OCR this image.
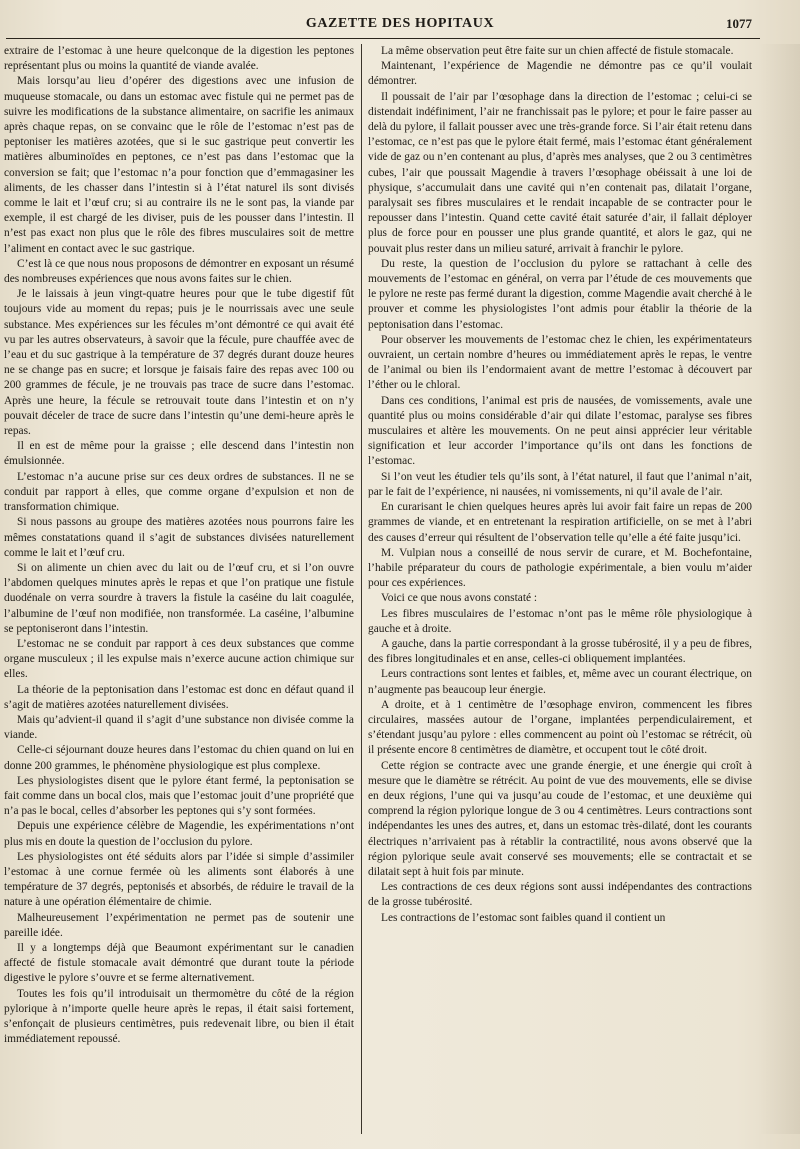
GAZETTE DES HOPITAUX	1077

extraire de l’estomac à une heure quelconque de la digestion les peptones représentant plus ou moins la quantité de viande avalée.

Mais lorsqu’au lieu d’opérer des digestions avec une infusion de muqueuse stomacale, ou dans un estomac avec fistule qui ne permet pas de suivre les modifications de la substance alimentaire, on sacrifie les animaux après chaque repas, on se convainc que le rôle de l’estomac n’est pas de peptoniser les matières azotées, que si le suc gastrique peut convertir les matières albuminoïdes en peptones, ce n’est pas dans l’estomac que la conversion se fait; que l’estomac n’a pour fonction que d’emmagasiner les aliments, de les chasser dans l’intestin si à l’état naturel ils sont divisés comme le lait et l’œuf cru; si au contraire ils ne le sont pas, la viande par exemple, il est chargé de les diviser, puis de les pousser dans l’intestin. Il n’est pas exact non plus que le rôle des fibres musculaires soit de mettre l’aliment en contact avec le suc gastrique.

C’est là ce que nous nous proposons de démontrer en exposant un résumé des nombreuses expériences que nous avons faites sur le chien.

Je le laissais à jeun vingt-quatre heures pour que le tube digestif fût toujours vide au moment du repas; puis je le nourrissais avec une seule substance. Mes expériences sur les fécules m’ont démontré ce qui avait été vu par les autres observateurs, à savoir que la fécule, pure chauffée avec de l’eau et du suc gastrique à la température de 37 degrés durant douze heures ne se change pas en sucre; et lorsque je faisais faire des repas avec 100 ou 200 grammes de fécule, je ne trouvais pas trace de sucre dans l’estomac. Après une heure, la fécule se retrouvait toute dans l’intestin et on n’y pouvait déceler de trace de sucre dans l’intestin qu’une demi-heure après le repas.

Il en est de même pour la graisse ; elle descend dans l’intestin non émulsionnée.

L’estomac n’a aucune prise sur ces deux ordres de substances. Il ne se conduit par rapport à elles, que comme organe d’expulsion et non de transformation chimique.

Si nous passons au groupe des matières azotées nous pourrons faire les mêmes constatations quand il s’agit de substances divisées naturellement comme le lait et l’œuf cru.

Si on alimente un chien avec du lait ou de l’œuf cru, et si l’on ouvre l’abdomen quelques minutes après le repas et que l’on pratique une fistule duodénale on verra sourdre à travers la fistule la caséine du lait coagulée, l’albumine de l’œuf non modifiée, non transformée. La caséine, l’albumine se peptoniseront dans l’intestin.

L’estomac ne se conduit par rapport à ces deux substances que comme organe musculeux ; il les expulse mais n’exerce aucune action chimique sur elles.

La théorie de la peptonisation dans l’estomac est donc en défaut quand il s’agit de matières azotées naturellement divisées.

Mais qu’advient-il quand il s’agit d’une substance non divisée comme la viande.

Celle-ci séjournant douze heures dans l’estomac du chien quand on lui en donne 200 grammes, le phénomène physiologique est plus complexe.

Les physiologistes disent que le pylore étant fermé, la peptonisation se fait comme dans un bocal clos, mais que l’estomac jouit d’une propriété que n’a pas le bocal, celles d’absorber les peptones qui s’y sont formées.

Depuis une expérience célèbre de Magendie, les expérimentations n’ont plus mis en doute la question de l’occlusion du pylore.

Les physiologistes ont été séduits alors par l’idée si simple d’assimiler l’estomac à une cornue fermée où les aliments sont élaborés à une température de 37 degrés, peptonisés et absorbés, de réduire le travail de la nature à une opération élémentaire de chimie.

Malheureusement l’expérimentation ne permet pas de soutenir une pareille idée.

Il y a longtemps déjà que Beaumont expérimentant sur le canadien affecté de fistule stomacale avait démontré que durant toute la période digestive le pylore s’ouvre et se ferme alternativement.

Toutes les fois qu’il introduisait un thermomètre du côté de la région pylorique à n’importe quelle heure après le repas, il était saisi fortement, s’enfonçait de plusieurs centimètres, puis redevenait libre, ou bien il était immédiatement repoussé.

La même observation peut être faite sur un chien affecté de fistule stomacale.

Maintenant, l’expérience de Magendie ne démontre pas ce qu’il voulait démontrer.

Il poussait de l’air par l’œsophage dans la direction de l’estomac ; celui-ci se distendait indéfiniment, l’air ne franchissait pas le pylore; et pour le faire passer au delà du pylore, il fallait pousser avec une très-grande force. Si l’air était retenu dans l’estomac, ce n’est pas que le pylore était fermé, mais l’estomac étant généralement vide de gaz ou n’en contenant au plus, d’après mes analyses, que 2 ou 3 centimètres cubes, l’air que poussait Magendie à travers l’œsophage obéissait à une loi de physique, s’accumulait dans une cavité qui n’en contenait pas, dilatait l’organe, paralysait ses fibres musculaires et le rendait incapable de se contracter pour le repousser dans l’intestin. Quand cette cavité était saturée d’air, il fallait déployer plus de force pour en pousser une plus grande quantité, et alors le gaz, qui ne pouvait plus rester dans un milieu saturé, arrivait à franchir le pylore.

Du reste, la question de l’occlusion du pylore se rattachant à celle des mouvements de l’estomac en général, on verra par l’étude de ces mouvements que le pylore ne reste pas fermé durant la digestion, comme Magendie avait cherché à le prouver et comme les physiologistes l’ont admis pour établir la théorie de la peptonisation dans l’estomac.

Pour observer les mouvements de l’estomac chez le chien, les expérimentateurs ouvraient, un certain nombre d’heures ou immédiatement après le repas, le ventre de l’animal ou bien ils l’endormaient avant de mettre l’estomac à découvert par l’éther ou le chloral.

Dans ces conditions, l’animal est pris de nausées, de vomissements, avale une quantité plus ou moins considérable d’air qui dilate l’estomac, paralyse ses fibres musculaires et altère les mouvements. On ne peut ainsi apprécier leur véritable signification et leur accorder l’importance qu’ils ont dans les fonctions de l’estomac.

Si l’on veut les étudier tels qu’ils sont, à l’état naturel, il faut que l’animal n’ait, par le fait de l’expérience, ni nausées, ni vomissements, ni qu’il avale de l’air.

En curarisant le chien quelques heures après lui avoir fait faire un repas de 200 grammes de viande, et en entretenant la respiration artificielle, on se met à l’abri des causes d’erreur qui résultent de l’observation telle qu’elle a été faite jusqu’ici.

M. Vulpian nous a conseillé de nous servir de curare, et M. Bochefontaine, l’habile préparateur du cours de pathologie expérimentale, a bien voulu m’aider pour ces expériences.

Voici ce que nous avons constaté :

Les fibres musculaires de l’estomac n’ont pas le même rôle physiologique à gauche et à droite.

A gauche, dans la partie correspondant à la grosse tubérosité, il y a peu de fibres, des fibres longitudinales et en anse, celles-ci obliquement implantées.

Leurs contractions sont lentes et faibles, et, même avec un courant électrique, on n’augmente pas beaucoup leur énergie.

A droite, et à 1 centimètre de l’œsophage environ, commencent les fibres circulaires, massées autour de l’organe, implantées perpendiculairement, et s’étendant jusqu’au pylore : elles commencent au point où l’estomac se rétrécit, où il présente encore 8 centimètres de diamètre, et occupent tout le côté droit.

Cette région se contracte avec une grande énergie, et une énergie qui croît à mesure que le diamètre se rétrécit. Au point de vue des mouvements, elle se divise en deux régions, l’une qui va jusqu’au coude de l’estomac, et une deuxième qui comprend la région pylorique longue de 3 ou 4 centimètres. Leurs contractions sont indépendantes les unes des autres, et, dans un estomac très-dilaté, dont les courants électriques n’arrivaient pas à rétablir la contractilité, nous avons observé que la région pylorique seule avait conservé ses mouvements; elle se contractait et se dilatait sept à huit fois par minute.

Les contractions de ces deux régions sont aussi indépendantes des contractions de la grosse tubérosité.

Les contractions de l’estomac sont faibles quand il contient un
